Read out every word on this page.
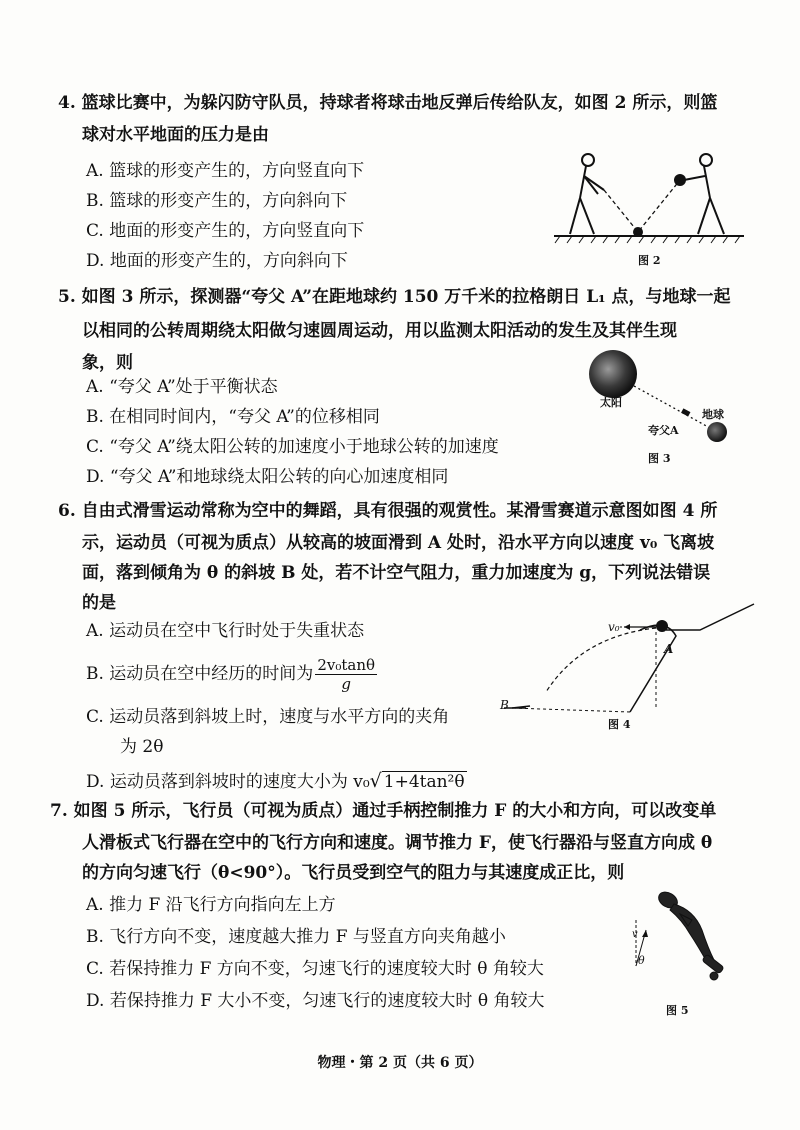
4. 篮球比赛中，为躲闪防守队员，持球者将球击地反弹后传给队友，如图 2 所示，则篮
球对水平地面的压力是由
A. 篮球的形变产生的，方向竖直向下
B. 篮球的形变产生的，方向斜向下
C. 地面的形变产生的，方向竖直向下
D. 地面的形变产生的，方向斜向下	图 2
5. 如图 3 所示，探测器“夸父 A”在距地球约 150 万千米的拉格朗日 L₁ 点，与地球一起
以相同的公转周期绕太阳做匀速圆周运动，用以监测太阳活动的发生及其伴生现
象，则
A. “夸父 A”处于平衡状态
B. 在相同时间内，“夸父 A”的位移相同
C. “夸父 A”绕太阳公转的加速度小于地球公转的加速度
D. “夸父 A”和地球绕太阳公转的向心加速度相同
太阳
地球
夸父A
图 3
6. 自由式滑雪运动常称为空中的舞蹈，具有很强的观赏性。某滑雪赛道示意图如图 4 所
示，运动员（可视为质点）从较高的坡面滑到 A 处时，沿水平方向以速度 v₀ 飞离坡
面，落到倾角为 θ 的斜坡 B 处，若不计空气阻力，重力加速度为 g，下列说法错误
的是
A. 运动员在空中飞行时处于失重状态
B. 运动员在空中经历的时间为 $\frac{\text{2v₀tanθ}}{g}$
C. 运动员落到斜坡上时，速度与水平方向的夹角
为 2θ
D. 运动员落到斜坡时的速度大小为 v₀√ 1+4tan²θ
v₀
A
B
图 4
7. 如图 5 所示，飞行员（可视为质点）通过手柄控制推力 F 的大小和方向，可以改变单
人滑板式飞行器在空中的飞行方向和速度。调节推力 F，使飞行器沿与竖直方向成 θ
的方向匀速飞行（θ<90°）。飞行员受到空气的阻力与其速度成正比，则
A. 推力 F 沿飞行方向指向左上方
B. 飞行方向不变，速度越大推力 F 与竖直方向夹角越小
C. 若保持推力 F 方向不变，匀速飞行的速度较大时 θ 角较大
D. 若保持推力 F 大小不变，匀速飞行的速度较大时 θ 角较大
v
θ
图 5
物理・第 2 页（共 6 页）
